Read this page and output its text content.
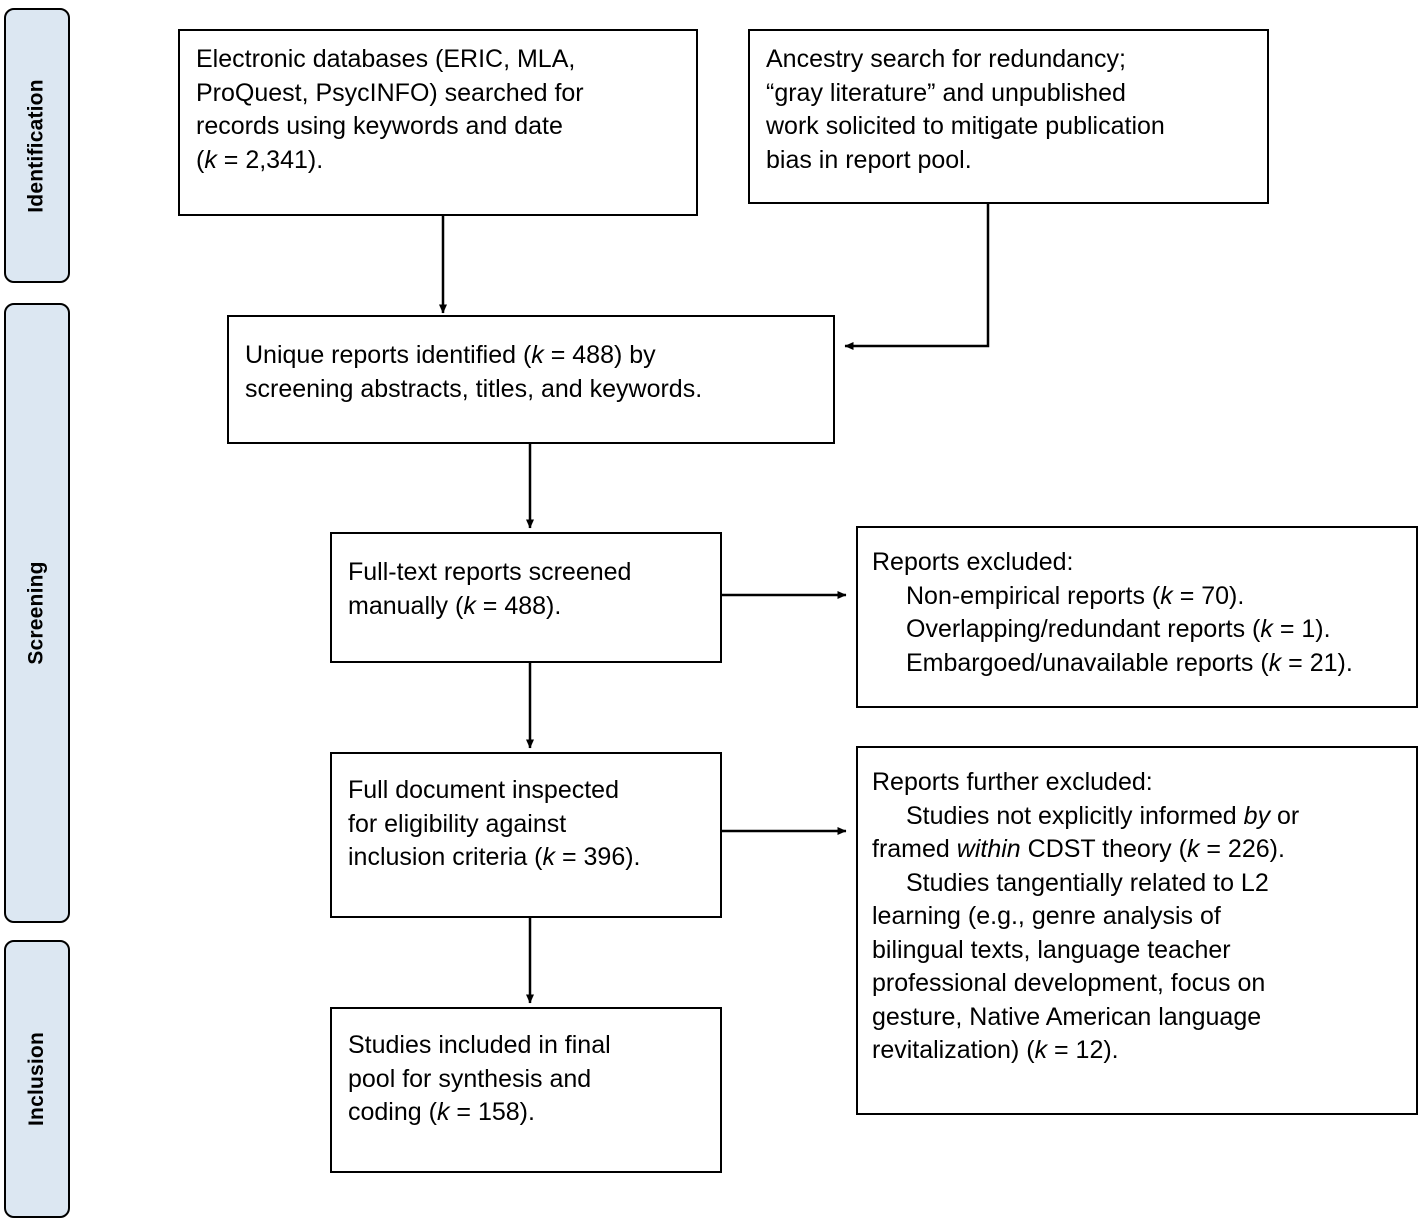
Identification
Screening
Inclusion
Electronic databases (ERIC, MLA,
ProQuest, PsycINFO) searched for
records using keywords and date
(k = 2,341).
Ancestry search for redundancy;
“gray literature” and unpublished
work solicited to mitigate publication
bias in report pool.
Unique reports identified (k = 488) by
screening abstracts, titles, and keywords.
Full-text reports screened
manually (k = 488).
Reports excluded:
Non-empirical reports (k = 70).
Overlapping/redundant reports (k = 1).
Embargoed/unavailable reports (k = 21).
Full document inspected
for eligibility against
inclusion criteria (k = 396).
Reports further excluded:
Studies not explicitly informed by or
framed within CDST theory (k = 226).
Studies tangentially related to L2
learning (e.g., genre analysis of
bilingual texts, language teacher
professional development, focus on
gesture, Native American language
revitalization) (k = 12).
Studies included in final
pool for synthesis and
coding (k = 158).
